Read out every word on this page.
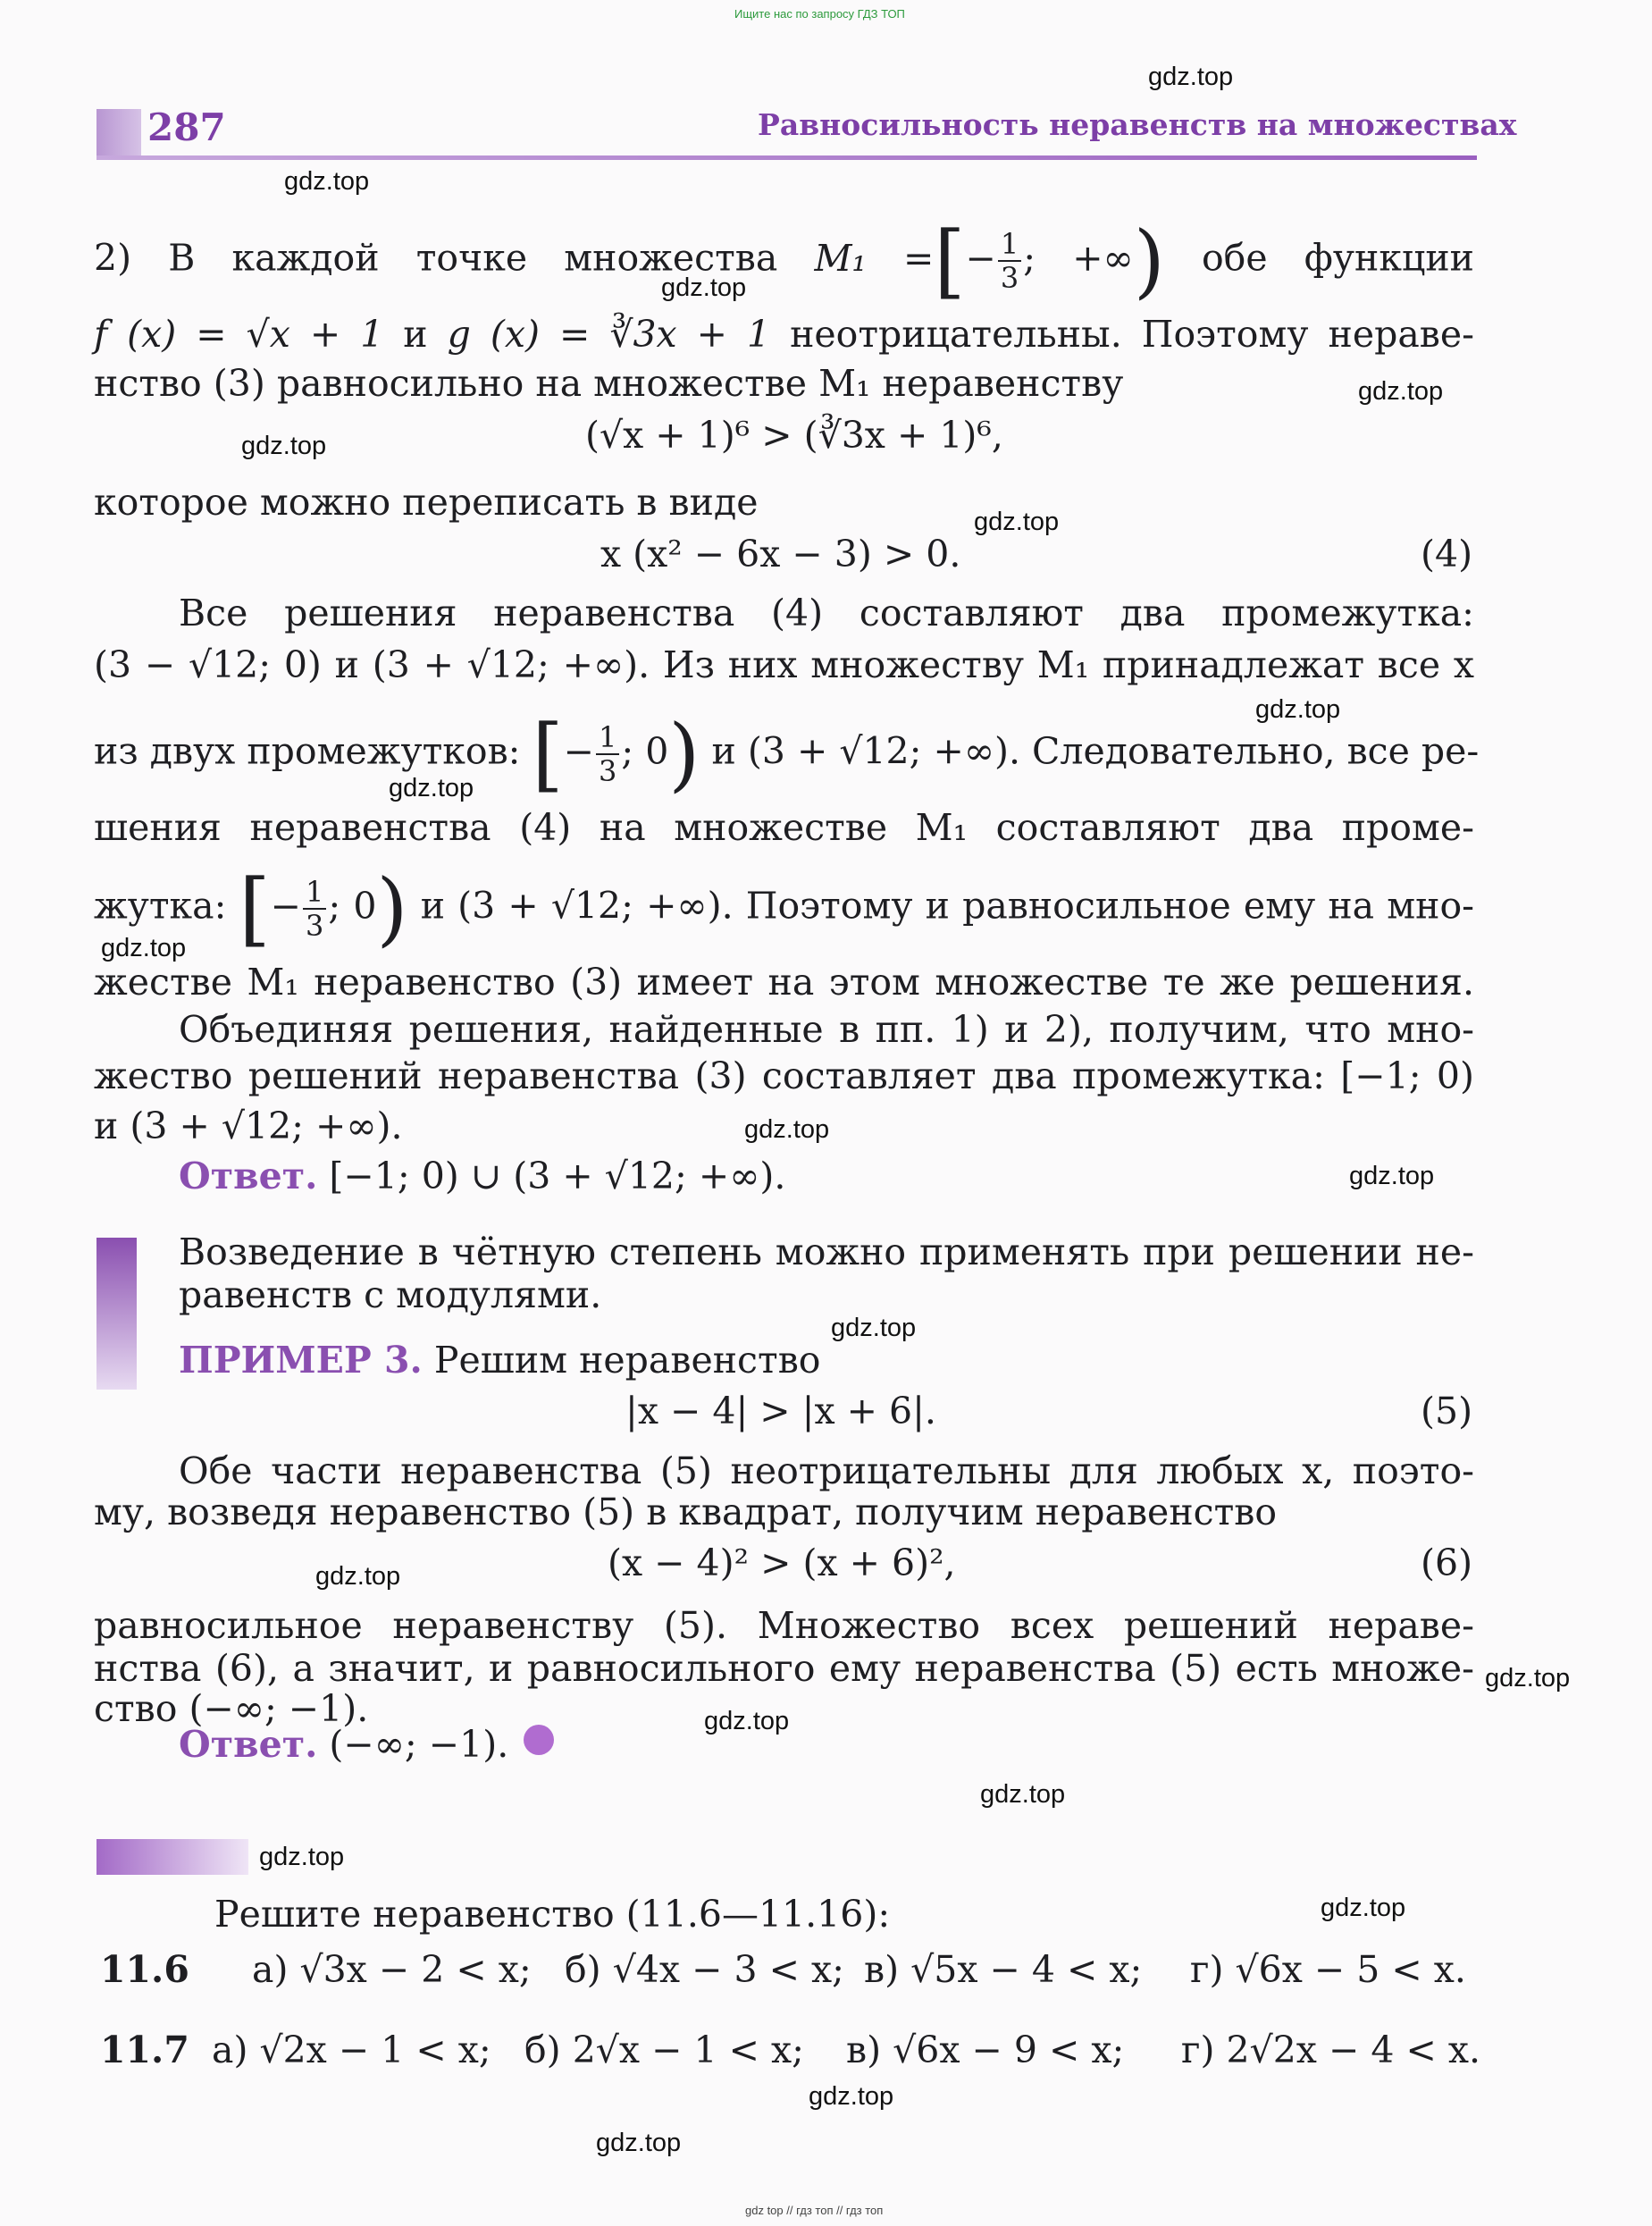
Ищите нас по запросу ГДЗ ТОП
gdz top // гдз топ // гдз топ
287	Равносильность неравенств на множествах
2) В каждой точке множества M₁ =[− $\frac{1}{3}$ ; +∞) обе функции
f (x) = √x + 1 и g (x) = ∛3x + 1 неотрицательны. Поэтому нераве-
нство (3) равносильно на множестве M₁ неравенству
(√x + 1)⁶ > (∛3x + 1)⁶,
которое можно переписать в виде
x (x² − 6x − 3) > 0.	(4)
Все решения неравенства (4) составляют два промежутка:
(3 − √12; 0) и (3 + √12; +∞). Из них множеству M₁ принадлежат все x
из двух промежутков: [− $\frac{1}{3}$ ; 0) и (3 + √12; +∞). Следовательно, все ре-
шения неравенства (4) на множестве M₁ составляют два проме-
жутка: [− $\frac{1}{3}$ ; 0) и (3 + √12; +∞). Поэтому и равносильное ему на мно-
жестве M₁ неравенство (3) имеет на этом множестве те же решения.
Объединяя решения, найденные в пп. 1) и 2), получим, что мно-
жество решений неравенства (3) составляет два промежутка: [−1; 0)
и (3 + √12; +∞).
Ответ. [−1; 0) ∪ (3 + √12; +∞).
Возведение в чётную степень можно применять при решении не-
равенств с модулями.
ПРИМЕР 3. Решим неравенство
|x − 4| > |x + 6|.	(5)
Обе части неравенства (5) неотрицательны для любых x, поэто-
му, возведя неравенство (5) в квадрат, получим неравенство
(x − 4)² > (x + 6)²,	(6)
равносильное неравенству (5). Множество всех решений нераве-
нства (6), а значит, и равносильного ему неравенства (5) есть множе-
ство (−∞; −1).
Ответ. (−∞; −1).
Решите неравенство (11.6—11.16):
11.6 а) √3x − 2 < x; б) √4x − 3 < x; в) √5x − 4 < x; г) √6x − 5 < x.
11.7 а) √2x − 1 < x; б) 2√x − 1 < x; в) √6x − 9 < x; г) 2√2x − 4 < x.
gdz.top
gdz.top
gdz.top
gdz.top
gdz.top
gdz.top
gdz.top
gdz.top
gdz.top
gdz.top
gdz.top
gdz.top
gdz.top
gdz.top
gdz.top
gdz.top
gdz.top
gdz.top
gdz.top
gdz.top
